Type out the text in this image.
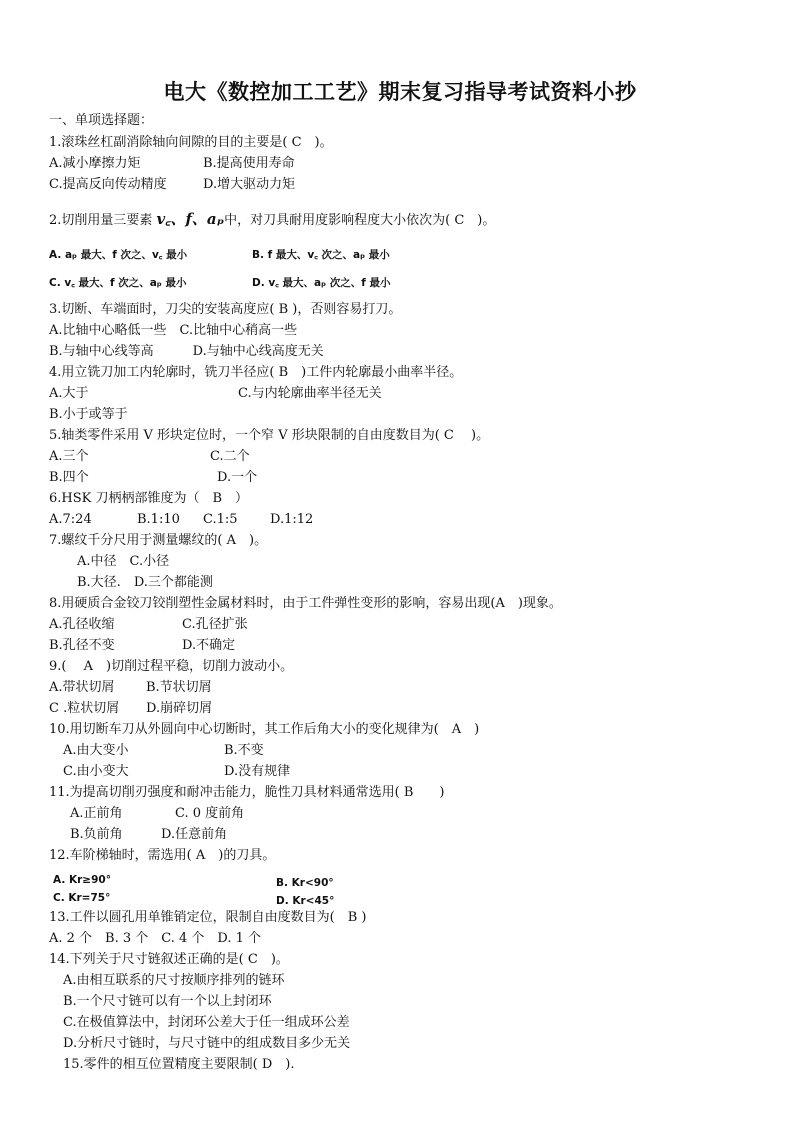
电大《数控加工工艺》期末复习指导考试资料小抄
一、单项选择题：
1.滚珠丝杠副消除轴向间隙的目的主要是( C　)。
A.减小摩擦力矩	B.提高使用寿命
C.提高反向传动精度	D.增大驱动力矩
2.切削用量三要素 v꜀、f、aₚ中，对刀具耐用度影响程度大小依次为( C　)。
A. aₚ 最大、f 次之、v꜀ 最小	B. f 最大、v꜀ 次之、aₚ 最小
C. v꜀ 最大、f 次之、aₚ 最小	D. v꜀ 最大、aₚ 次之、f 最小
3.切断、车端面时，刀尖的安装高度应( B )，否则容易打刀。
A.比轴中心略低一些　C.比轴中心稍高一些
B.与轴中心线等高　　　D.与轴中心线高度无关
4.用立铣刀加工内轮廓时，铣刀半径应( B　)工件内轮廓最小曲率半径。
A.大于	C.与内轮廓曲率半径无关
B.小于或等于
5.轴类零件采用 V 形块定位时，一个窄 V 形块限制的自由度数目为( C　 )。
A.三个	C.二个
B.四个	D.一个
6.HSK 刀柄柄部锥度为（　B　）
A.7:24	B.1:10 C.1:5 D.1:12
7.螺纹千分尺用于测量螺纹的( A　)。
A.中径　C.小径
B.大径.　D.三个都能测
8.用硬质合金铰刀铰削塑性金属材料时，由于工件弹性变形的影响，容易出现(A　)现象。
A.孔径收缩	C.孔径扩张
B.孔径不变	D.不确定
9.(　 A　)切削过程平稳，切削力波动小。
A.带状切屑 B.节状切屑
C .粒状切屑 D.崩碎切屑
10.用切断车刀从外圆向中心切断时，其工作后角大小的变化规律为(　A　)
A.由大变小	B.不变
C.由小变大	D.没有规律
11.为提高切削刃强度和耐冲击能力，脆性刀具材料通常选用( B　　)
A.正前角	C. 0 度前角
B.负前角	D.任意前角
12.车阶梯轴时，需选用( A　)的刀具。
A. Kr≥90°	B. Kr<90°
C. Kr=75°	D. Kr<45°
13.工件以圆孔用单锥销定位，限制自由度数目为(　B )
A. 2 个　B. 3 个　C. 4 个　D. 1 个
14.下列关于尺寸链叙述正确的是( C　)。
A.由相互联系的尺寸按顺序排列的链环
B.一个尺寸链可以有一个以上封闭环
C.在极值算法中，封闭环公差大于任一组成环公差
D.分析尺寸链时，与尺寸链中的组成数目多少无关
15.零件的相互位置精度主要限制( D　).
